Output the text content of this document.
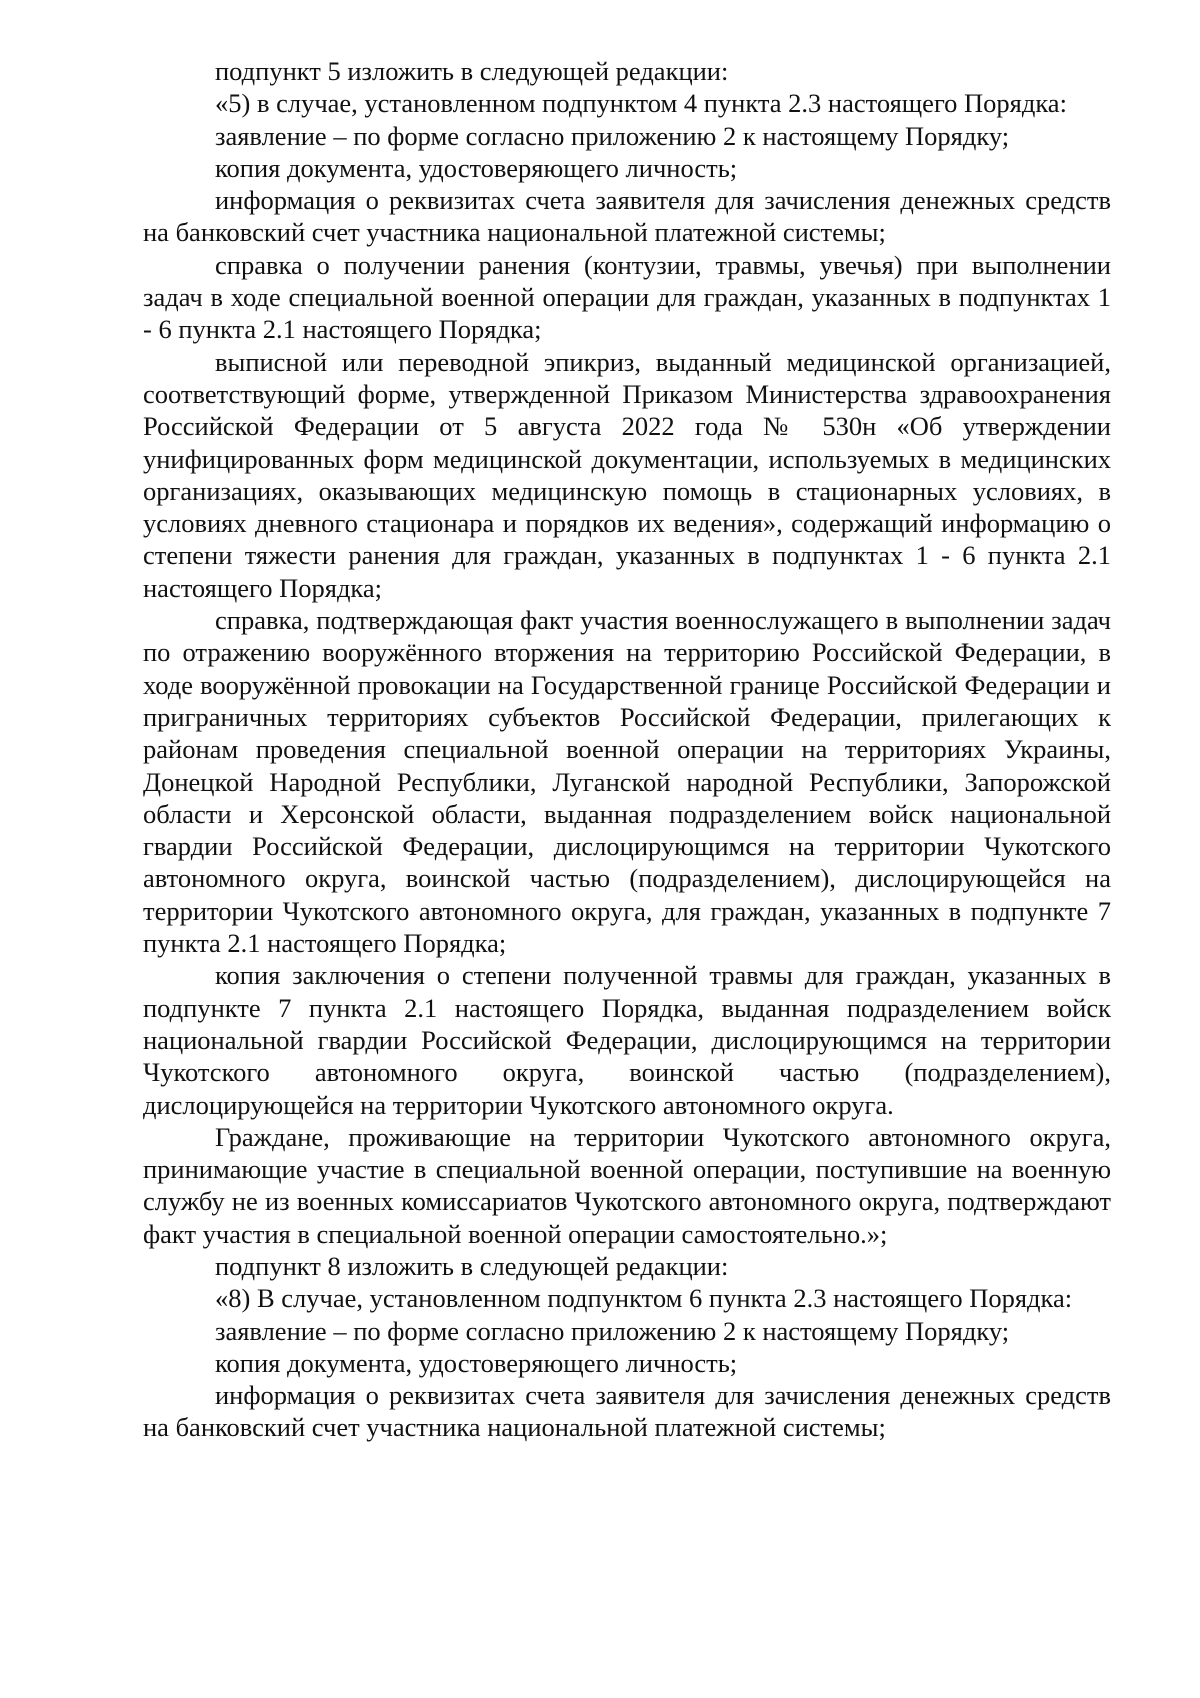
подпункт 5 изложить в следующей редакции:

«5) в случае, установленном подпунктом 4 пункта 2.3 настоящего Порядка:

заявление – по форме согласно приложению 2 к настоящему Порядку;

копия документа, удостоверяющего личность;

информация о реквизитах счета заявителя для зачисления денежных средств на банковский счет участника национальной платежной системы;

справка о получении ранения (контузии, травмы, увечья) при выполнении задач в ходе специальной военной операции для граждан, указанных в подпунктах 1 - 6 пункта 2.1 настоящего Порядка;

выписной или переводной эпикриз, выданный медицинской организацией, соответствующий форме, утвержденной Приказом Министерства здравоохранения Российской Федерации от 5 августа 2022 года № 530н «Об утверждении унифицированных форм медицинской документации, используемых в медицинских организациях, оказывающих медицинскую помощь в стационарных условиях, в условиях дневного стационара и порядков их ведения», содержащий информацию о степени тяжести ранения для граждан, указанных в подпунктах 1 - 6 пункта 2.1 настоящего Порядка;

справка, подтверждающая факт участия военнослужащего в выполнении задач по отражению вооружённого вторжения на территорию Российской Федерации, в ходе вооружённой провокации на Государственной границе Российской Федерации и приграничных территориях субъектов Российской Федерации, прилегающих к районам проведения специальной военной операции на территориях Украины, Донецкой Народной Республики, Луганской народной Республики, Запорожской области и Херсонской области, выданная подразделением войск национальной гвардии Российской Федерации, дислоцирующимся на территории Чукотского автономного округа, воинской частью (подразделением), дислоцирующейся на территории Чукотского автономного округа, для граждан, указанных в подпункте 7 пункта 2.1 настоящего Порядка;

копия заключения о степени полученной травмы для граждан, указанных в подпункте 7 пункта 2.1 настоящего Порядка, выданная подразделением войск национальной гвардии Российской Федерации, дислоцирующимся на территории Чукотского автономного округа, воинской частью (подразделением), дислоцирующейся на территории Чукотского автономного округа.

Граждане, проживающие на территории Чукотского автономного округа, принимающие участие в специальной военной операции, поступившие на военную службу не из военных комиссариатов Чукотского автономного округа, подтверждают факт участия в специальной военной операции самостоятельно.»;

подпункт 8 изложить в следующей редакции:

«8) В случае, установленном подпунктом 6 пункта 2.3 настоящего Порядка:

заявление – по форме согласно приложению 2 к настоящему Порядку;

копия документа, удостоверяющего личность;

информация о реквизитах счета заявителя для зачисления денежных средств на банковский счет участника национальной платежной системы;
